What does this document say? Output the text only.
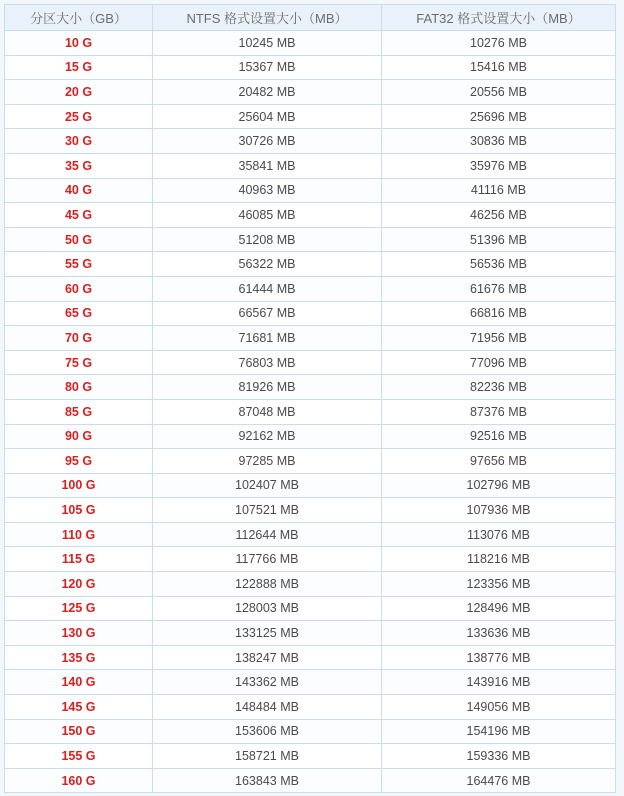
分区大小（GB）	NTFS 格式设置大小（MB）	FAT32 格式设置大小（MB）
10 G	10245 MB	10276 MB
15 G	15367 MB	15416 MB
20 G	20482 MB	20556 MB
25 G	25604 MB	25696 MB
30 G	30726 MB	30836 MB
35 G	35841 MB	35976 MB
40 G	40963 MB	41116 MB
45 G	46085 MB	46256 MB
50 G	51208 MB	51396 MB
55 G	56322 MB	56536 MB
60 G	61444 MB	61676 MB
65 G	66567 MB	66816 MB
70 G	71681 MB	71956 MB
75 G	76803 MB	77096 MB
80 G	81926 MB	82236 MB
85 G	87048 MB	87376 MB
90 G	92162 MB	92516 MB
95 G	97285 MB	97656 MB
100 G	102407 MB	102796 MB
105 G	107521 MB	107936 MB
110 G	112644 MB	113076 MB
115 G	117766 MB	118216 MB
120 G	122888 MB	123356 MB
125 G	128003 MB	128496 MB
130 G	133125 MB	133636 MB
135 G	138247 MB	138776 MB
140 G	143362 MB	143916 MB
145 G	148484 MB	149056 MB
150 G	153606 MB	154196 MB
155 G	158721 MB	159336 MB
160 G	163843 MB	164476 MB
